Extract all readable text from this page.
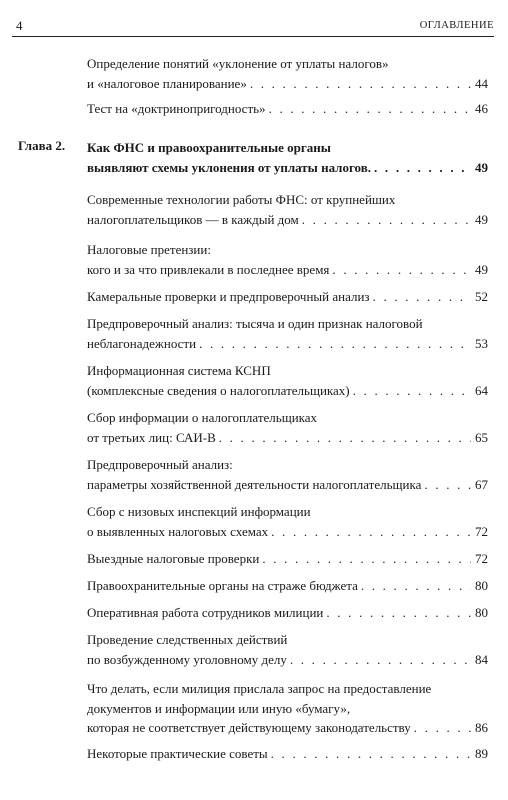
4	ОГЛАВЛЕНИЕ
Определение понятий «уклонение от уплаты налогов»
и «налоговое планирование» . . .	44
Тест на «доктринопригодность» . . .	46
Глава 2. Как ФНС и правоохранительные органы
выявляют схемы уклонения от уплаты налогов. . . .	49
Современные технологии работы ФНС: от крупнейших
налогоплательщиков — в каждый дом . . .	49
Налоговые претензии:
кого и за что привлекали в последнее время . . .	49
Камеральные проверки и предпроверочный анализ . . .	52
Предпроверочный анализ: тысяча и один признак налоговой
неблагонадежности . . .	53
Информационная система КСНП
(комплексные сведения о налогоплательщиках) . . .	64
Сбор информации о налогоплательщиках
от третьих лиц: САИ-В . . .	65
Предпроверочный анализ:
параметры хозяйственной деятельности налогоплательщика . . .	67
Сбор с низовых инспекций информации
о выявленных налоговых схемах . . .	72
Выездные налоговые проверки . . .	72
Правоохранительные органы на страже бюджета . . .	80
Оперативная работа сотрудников милиции . . .	80
Проведение следственных действий
по возбужденному уголовному делу . . .	84
Что делать, если милиция прислала запрос на предоставление
документов и информации или иную «бумагу»,
которая не соответствует действующему законодательству . . .	86
Некоторые практические советы . . .	89
